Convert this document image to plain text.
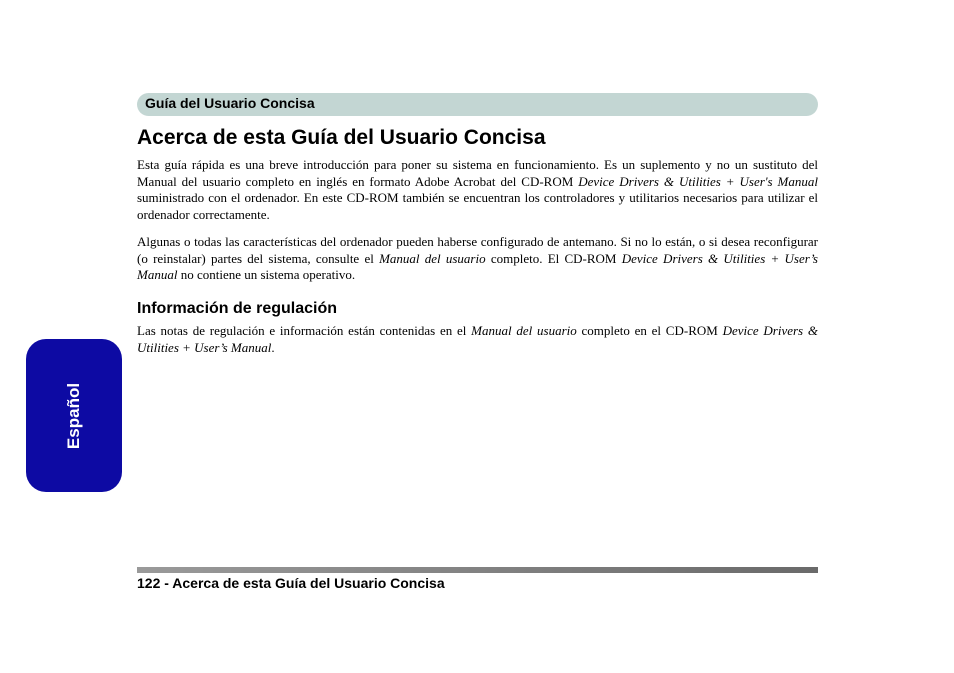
Guía del Usuario Concisa
Acerca de esta Guía del Usuario Concisa

Esta guía rápida es una breve introducción para poner su sistema en funcionamiento. Es un suplemento y no un sustituto del Manual del usuario completo en inglés en formato Adobe Acrobat del CD-ROM Device Drivers & Utilities + User's Manual suministrado con el ordenador. En este CD-ROM también se encuentran los controladores y utilitarios necesarios para utilizar el ordenador correctamente.

Algunas o todas las características del ordenador pueden haberse configurado de antemano. Si no lo están, o si desea reconfigurar (o reinstalar) partes del sistema, consulte el Manual del usuario completo. El CD-ROM Device Drivers & Utilities + User’s Manual no contiene un sistema operativo.

Información de regulación

Las notas de regulación e información están contenidas en el Manual del usuario completo en el CD-ROM Device Drivers & Utilities + User’s Manual.

Español
122 - Acerca de esta Guía del Usuario Concisa
